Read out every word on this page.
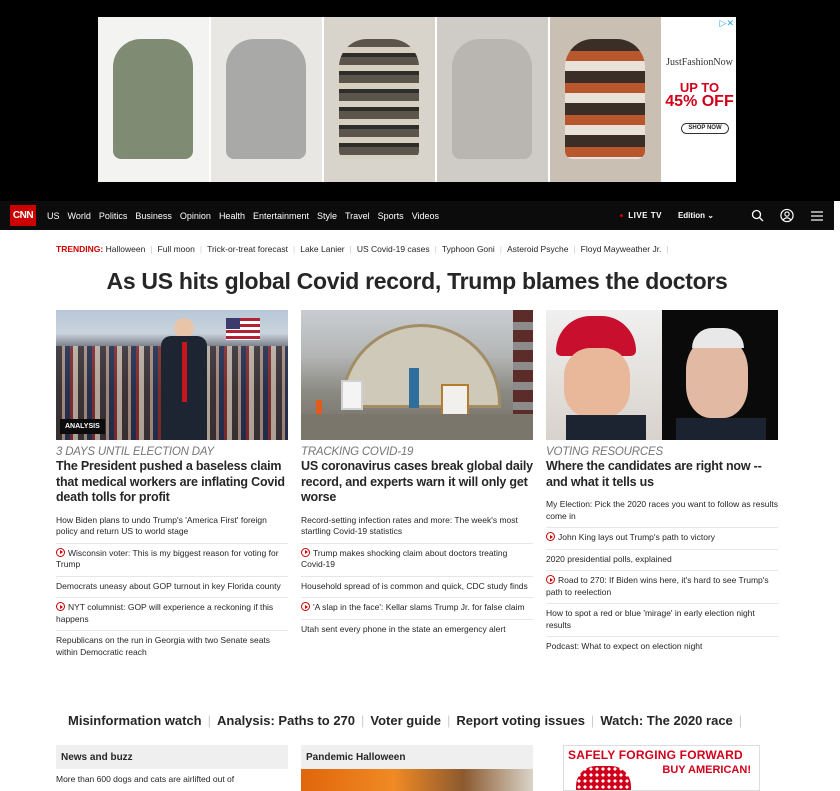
▷✕
JustFashionNow
UP TO
45% OFF
SHOP NOW
CNN	US World Politics Business Opinion Health Entertainment Style Travel Sports Videos	LIVE TV Edition ⌄
TRENDING: Halloween | Full moon | Trick-or-treat forecast | Lake Lanier | US Covid-19 cases | Typhoon Goni | Asteroid Psyche | Floyd Mayweather Jr. |
As US hits global Covid record, Trump blames the doctors
ANALYSIS
3 DAYS UNTIL ELECTION DAY
The President pushed a baseless claim that medical workers are inflating Covid death tolls for profit
How Biden plans to undo Trump's 'America First' foreign policy and return US to world stage
Wisconsin voter: This is my biggest reason for voting for Trump
Democrats uneasy about GOP turnout in key Florida county
NYT columnist: GOP will experience a reckoning if this happens
Republicans on the run in Georgia with two Senate seats within Democratic reach
TRACKING COVID-19
US coronavirus cases break global daily record, and experts warn it will only get worse
Record-setting infection rates and more: The week's most startling Covid-19 statistics
Trump makes shocking claim about doctors treating Covid-19
Household spread of is common and quick, CDC study finds
'A slap in the face': Kellar slams Trump Jr. for false claim
Utah sent every phone in the state an emergency alert
VOTING RESOURCES
Where the candidates are right now -- and what it tells us
My Election: Pick the 2020 races you want to follow as results come in
John King lays out Trump's path to victory
2020 presidential polls, explained
Road to 270: If Biden wins here, it's hard to see Trump's path to reelection
How to spot a red or blue 'mirage' in early election night results
Podcast: What to expect on election night
Misinformation watch | Analysis: Paths to 270 | Voter guide | Report voting issues | Watch: The 2020 race |
News and buzz
More than 600 dogs and cats are airlifted out of
Pandemic Halloween	SAFELY FORGING FORWARD
BUY AMERICAN!
